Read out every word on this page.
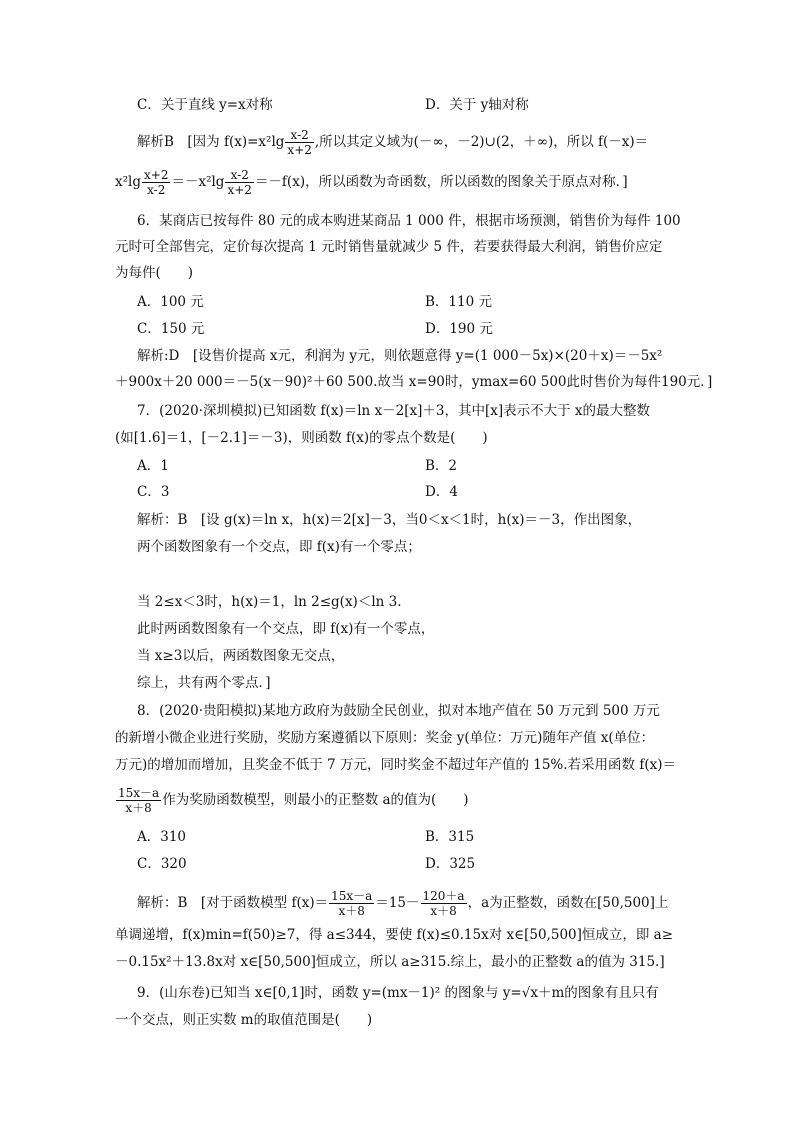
C．关于直线 y=x对称	D．关于 y轴对称
解析B　[因为 $f(x)=x^2\lg \frac{x-2}{x+2}$ ,所以其定义域为(－∞，－2)∪(2，＋∞)，所以 f(－x)＝
$x^2\lg \frac{x+2}{x-2} =-x^2\lg \frac{x-2}{x+2} =-f(x)$，所以函数为奇函数，所以函数的图象关于原点对称．]
6．某商店已按每件 80 元的成本购进某商品 1 000 件，根据市场预测，销售价为每件 100
元时可全部售完，定价每次提高 1 元时销售量就减少 5 件，若要获得最大利润，销售价应定
为每件(　　)
A．100 元	B．110 元
C．150 元	D．190 元
解析:D　[设售价提高 x元，利润为 y元，则依题意得 y=(1 000－5x)×(20＋x)＝－5x²
＋900x＋20 000＝－5(x－90)²＋60 500.故当 x=90时，ymax=60 500此时售价为每件190元．]
7．(2020·深圳模拟)已知函数 f(x)＝ln x－2[x]＋3，其中[x]表示不大于 x的最大整数
(如[1.6]＝1，[－2.1]＝－3)，则函数 f(x)的零点个数是(　　)
A．1	B．2
C．3	D．4
解析：B　[设 g(x)＝ln x，h(x)＝2[x]－3，当0＜x＜1时，h(x)＝－3，作出图象，
两个函数图象有一个交点，即 f(x)有一个零点；
当 2≤x＜3时，h(x)＝1，ln 2≤g(x)＜ln 3.
此时两函数图象有一个交点，即 f(x)有一个零点，
当 x≥3以后，两函数图象无交点，
综上，共有两个零点．]
8．(2020·贵阳模拟)某地方政府为鼓励全民创业，拟对本地产值在 50 万元到 500 万元
的新增小微企业进行奖励，奖励方案遵循以下原则：奖金 y(单位：万元)随年产值 x(单位：
万元)的增加而增加，且奖金不低于 7 万元，同时奖金不超过年产值的 15%.若采用函数 f(x)＝
$\frac{15x-a}{x+8}$ 作为奖励函数模型，则最小的正整数 a的值为(　　)
A．310	B．315
C．320	D．325
解析：B　[对于函数模型 $f(x)= \frac{15x-a}{x+8} =15- \frac{120+a}{x+8}$ ，a为正整数，函数在[50,500]上
单调递增，f(x)min=f(50)≥7，得 a≤344，要使 f(x)≤0.15x对 x∈[50,500]恒成立，即 a≥
－0.15x²＋13.8x对 x∈[50,500]恒成立，所以 a≥315.综上，最小的正整数 a的值为 315.]
9．(山东卷)已知当 x∈[0,1]时，函数 y=(mx－1)² 的图象与 y=√x＋m的图象有且只有
一个交点，则正实数 m的取值范围是(　　)
